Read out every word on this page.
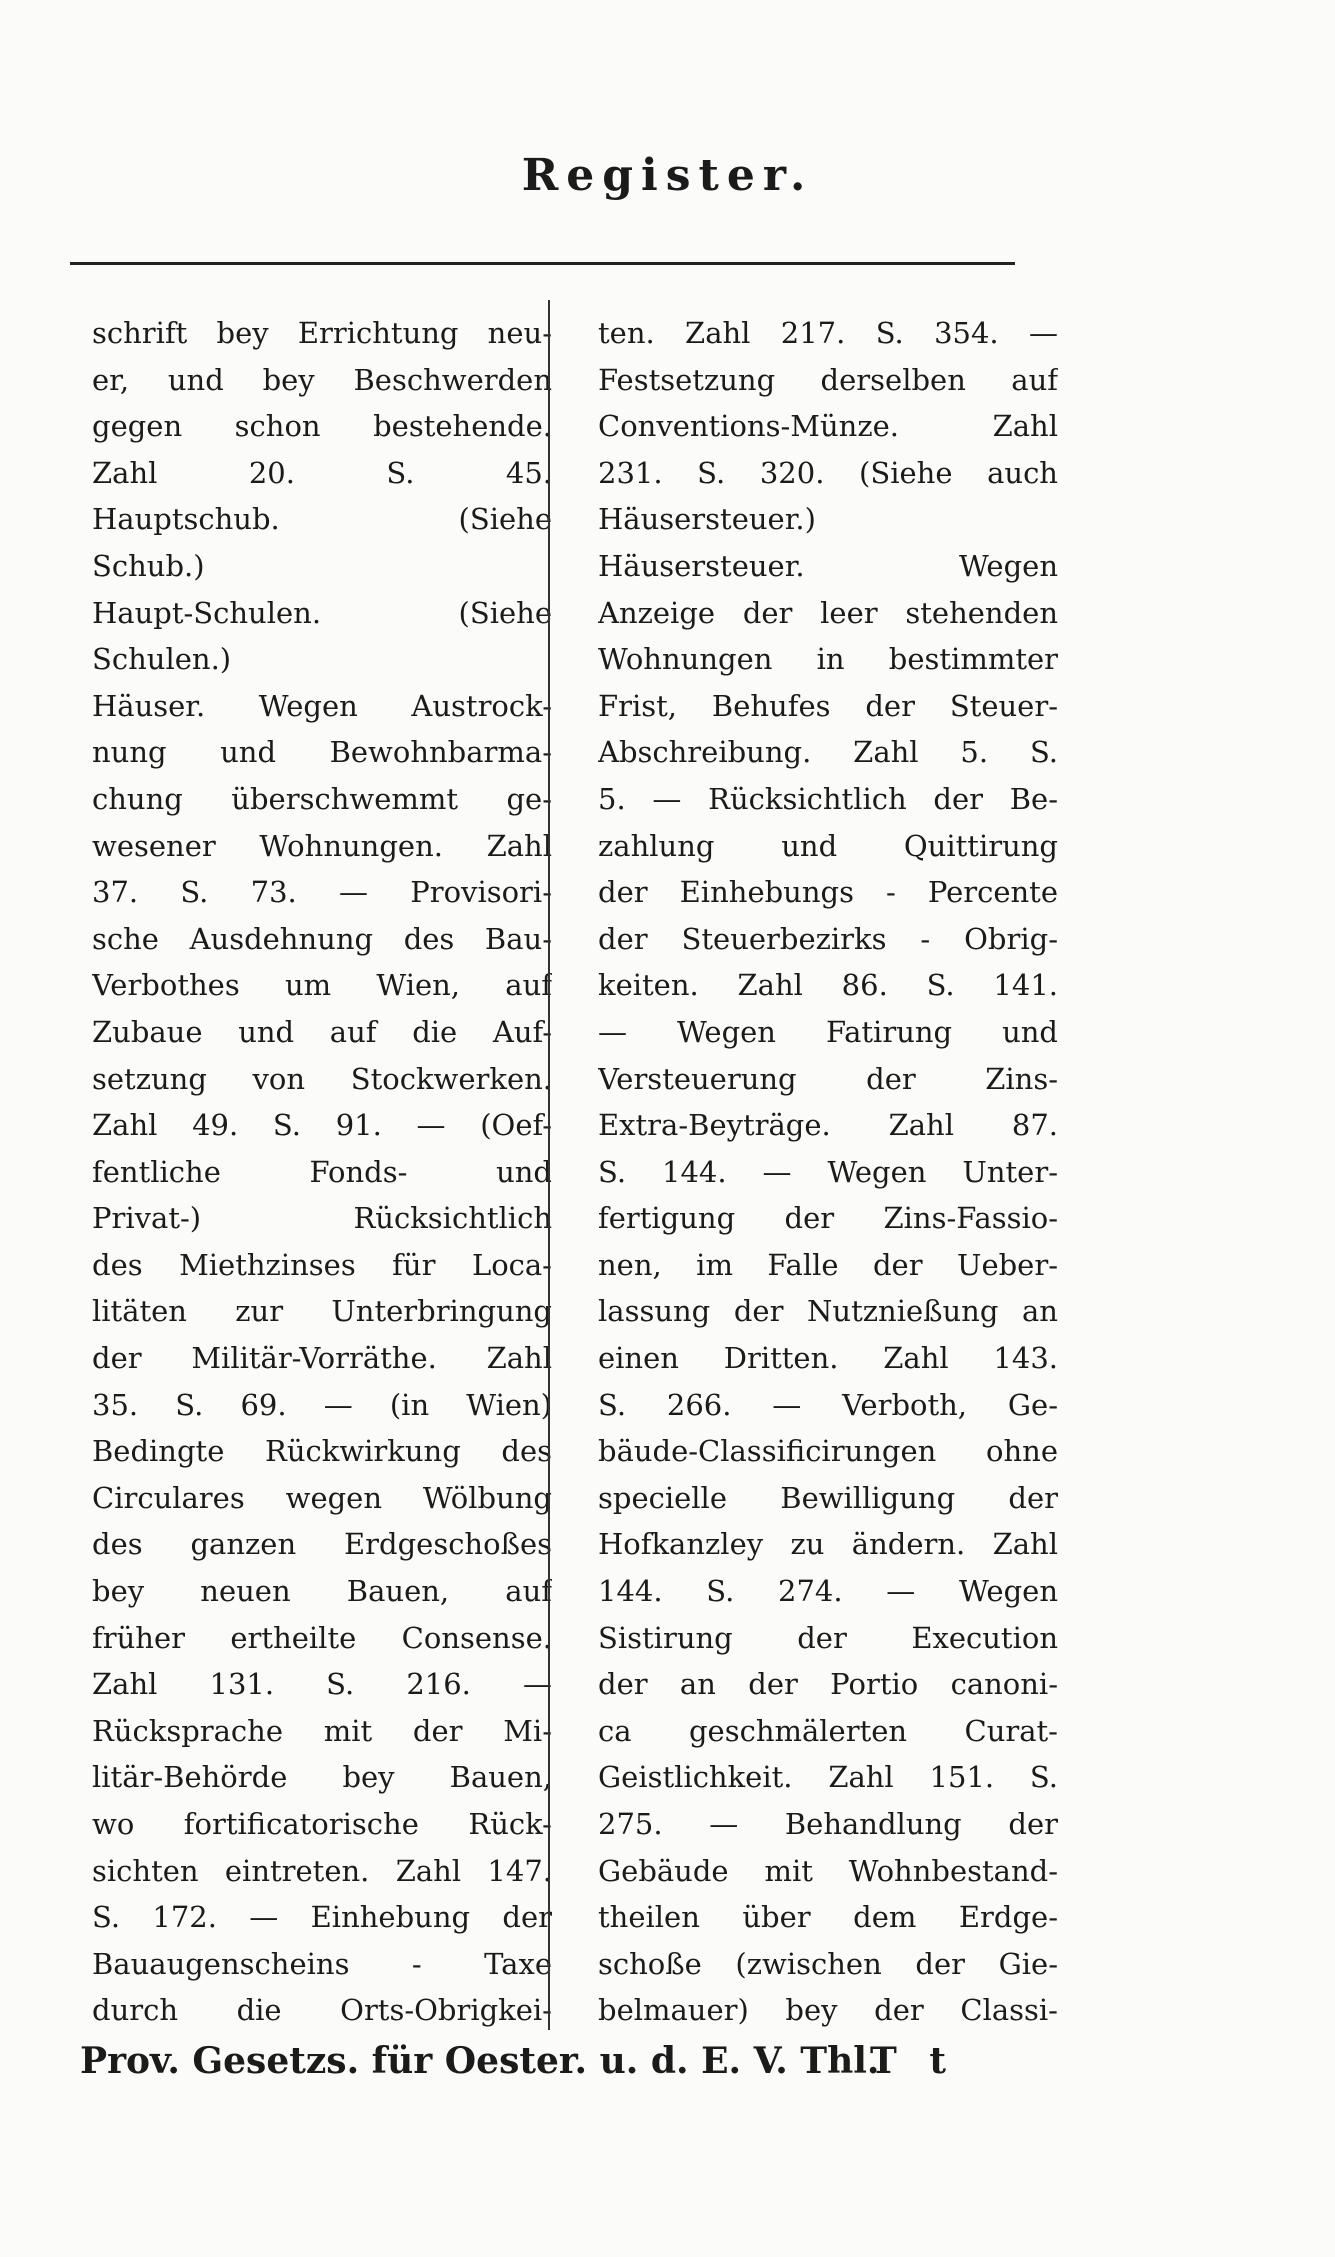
Register.
schrift bey Errichtung neu-
er, und bey Beschwerden
gegen schon bestehende.
Zahl 20. S. 45.
Hauptschub. (Siehe
Schub.)
Haupt-Schulen. (Siehe
Schulen.)
Häuser. Wegen Austrock-
nung und Bewohnbarma-
chung überschwemmt ge-
wesener Wohnungen. Zahl
37. S. 73. — Provisori-
sche Ausdehnung des Bau-
Verbothes um Wien, auf
Zubaue und auf die Auf-
setzung von Stockwerken.
Zahl 49. S. 91. — (Oef-
fentliche Fonds- und
Privat-) Rücksichtlich
des Miethzinses für Loca-
litäten zur Unterbringung
der Militär-Vorräthe. Zahl
35. S. 69. — (in Wien)
Bedingte Rückwirkung des
Circulares wegen Wölbung
des ganzen Erdgeschoßes
bey neuen Bauen, auf
früher ertheilte Consense.
Zahl 131. S. 216. —
Rücksprache mit der Mi-
litär-Behörde bey Bauen,
wo fortificatorische Rück-
sichten eintreten. Zahl 147.
S. 172. — Einhebung der
Bauaugenscheins - Taxe
durch die Orts-Obrigkei-
ten. Zahl 217. S. 354. —
Festsetzung derselben auf
Conventions-Münze. Zahl
231. S. 320. (Siehe auch
Häusersteuer.)
Häusersteuer. Wegen
Anzeige der leer stehenden
Wohnungen in bestimmter
Frist, Behufes der Steuer-
Abschreibung. Zahl 5. S.
5. — Rücksichtlich der Be-
zahlung und Quittirung
der Einhebungs - Percente
der Steuerbezirks - Obrig-
keiten. Zahl 86. S. 141.
— Wegen Fatirung und
Versteuerung der Zins-
Extra-Beyträge. Zahl 87.
S. 144. — Wegen Unter-
fertigung der Zins-Fassio-
nen, im Falle der Ueber-
lassung der Nutznießung an
einen Dritten. Zahl 143.
S. 266. — Verboth, Ge-
bäude-Classificirungen ohne
specielle Bewilligung der
Hofkanzley zu ändern. Zahl
144. S. 274. — Wegen
Sistirung der Execution
der an der Portio canoni-
ca geschmälerten Curat-
Geistlichkeit. Zahl 151. S.
275. — Behandlung der
Gebäude mit Wohnbestand-
theilen über dem Erdge-
schoße (zwischen der Gie-
belmauer) bey der Classi-
Prov. Gesetzs. für Oester. u. d. E. V. Thl.
T t
